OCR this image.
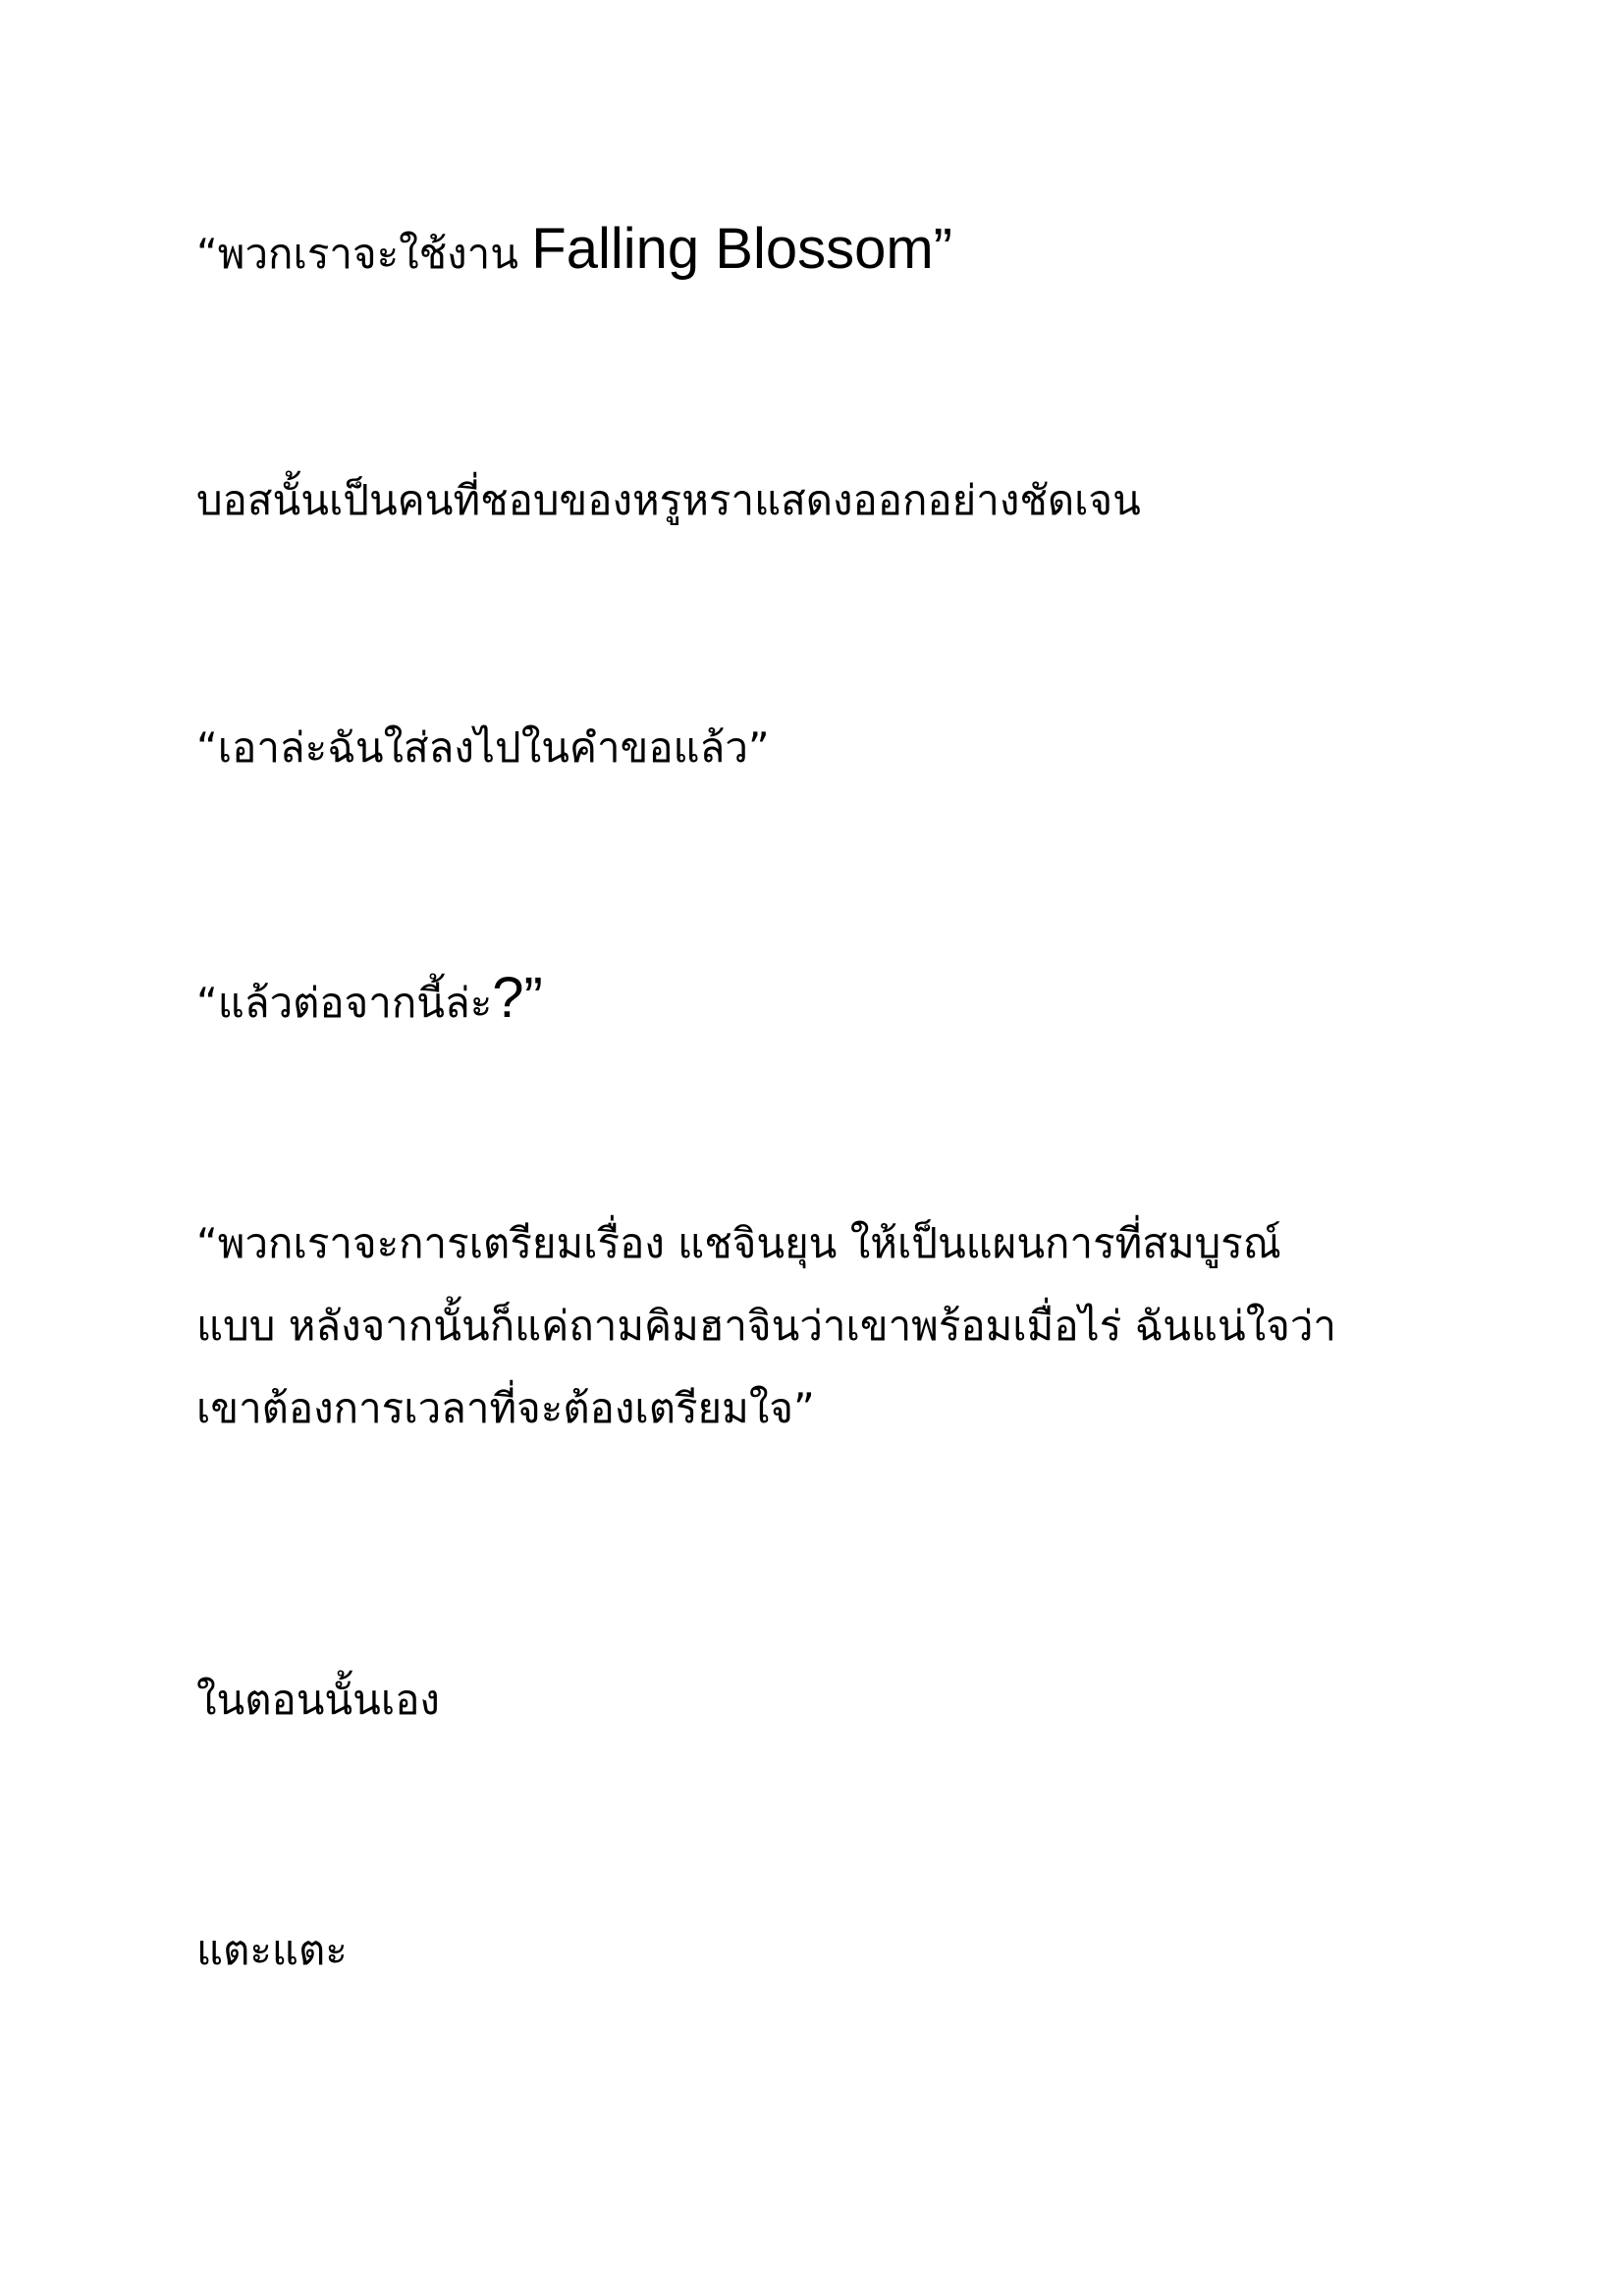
“พวกเราจะใช้งาน Falling Blossom”

บอสนั้นเป็นคนที่ชอบของหรูหราแสดงออกอย่างชัดเจน

“เอาล่ะฉันใส่ลงไปในคำขอแล้ว”

“แล้วต่อจากนี้ล่ะ?”

“พวกเราจะการเตรียมเรื่อง แชจินยุน ให้เป็นแผนการที่สมบูรณ์
แบบ หลังจากนั้นก็แค่ถามคิมฮาจินว่าเขาพร้อมเมื่อไร่ ฉันแน่ใจว่า
เขาต้องการเวลาที่จะต้องเตรียมใจ”

ในตอนนั้นเอง

แตะแตะ
